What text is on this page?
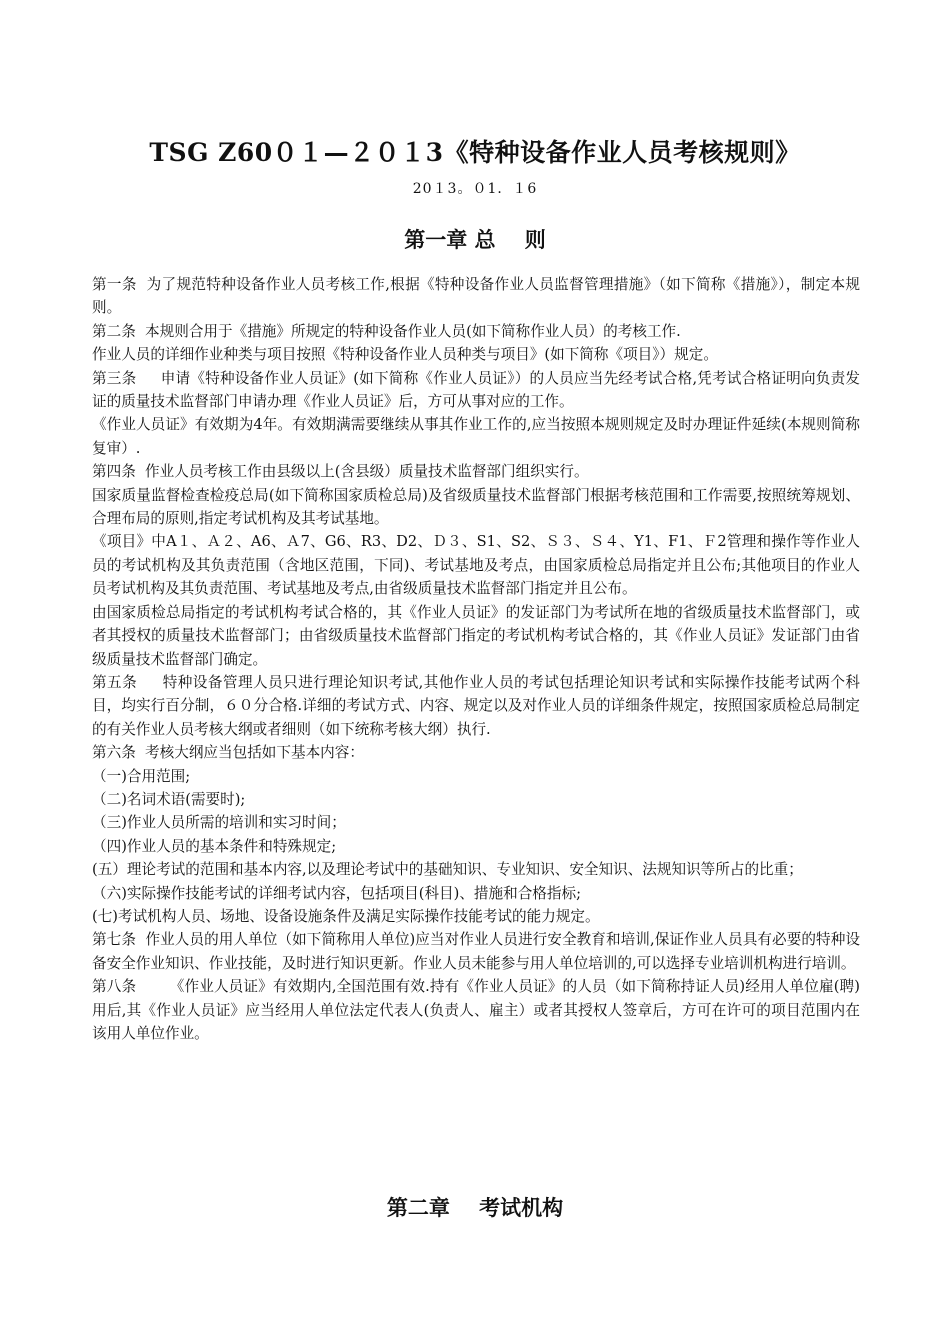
TSG Z60０１—２０１3《特种设备作业人员考核规则》
20１3。０1．１6
第一章 总    则

第一条  为了规范特种设备作业人员考核工作,根据《特种设备作业人员监督管理措施》（如下简称《措施》），制定本规则。

第二条  本规则合用于《措施》所规定的特种设备作业人员(如下简称作业人员）的考核工作.

作业人员的详细作业种类与项目按照《特种设备作业人员种类与项目》(如下简称《项目》）规定。

第三条     申请《特种设备作业人员证》(如下简称《作业人员证》）的人员应当先经考试合格,凭考试合格证明向负责发证的质量技术监督部门申请办理《作业人员证》后，方可从事对应的工作。

《作业人员证》有效期为4年。有效期满需要继续从事其作业工作的,应当按照本规则规定及时办理证件延续(本规则简称复审）.

第四条  作业人员考核工作由县级以上(含县级）质量技术监督部门组织实行。

国家质量监督检查检疫总局(如下简称国家质检总局)及省级质量技术监督部门根据考核范围和工作需要,按照统筹规划、合理布局的原则,指定考试机构及其考试基地。

《项目》中A１、Ａ２、A6、Ａ7、G6、R3、D2、Ｄ３、S1、S2、Ｓ３、Ｓ４、Y1、F1、Ｆ2管理和操作等作业人员的考试机构及其负责范围（含地区范围，下同)、考试基地及考点，由国家质检总局指定并且公布;其他项目的作业人员考试机构及其负责范围、考试基地及考点,由省级质量技术监督部门指定并且公布。

由国家质检总局指定的考试机构考试合格的，其《作业人员证》的发证部门为考试所在地的省级质量技术监督部门，或者其授权的质量技术监督部门；由省级质量技术监督部门指定的考试机构考试合格的，其《作业人员证》发证部门由省级质量技术监督部门确定。

第五条     特种设备管理人员只进行理论知识考试,其他作业人员的考试包括理论知识考试和实际操作技能考试两个科目，均实行百分制，６０分合格.详细的考试方式、内容、规定以及对作业人员的详细条件规定，按照国家质检总局制定的有关作业人员考核大纲或者细则（如下统称考核大纲）执行.

第六条  考核大纲应当包括如下基本内容：

（一)合用范围;

（二)名词术语(需要时);

（三)作业人员所需的培训和实习时间；

（四)作业人员的基本条件和特殊规定;

(五）理论考试的范围和基本内容,以及理论考试中的基础知识、专业知识、安全知识、法规知识等所占的比重；

（六)实际操作技能考试的详细考试内容，包括项目(科目)、措施和合格指标;

(七)考试机构人员、场地、设备设施条件及满足实际操作技能考试的能力规定。

第七条  作业人员的用人单位（如下简称用人单位)应当对作业人员进行安全教育和培训,保证作业人员具有必要的特种设备安全作业知识、作业技能，及时进行知识更新。作业人员未能参与用人单位培训的,可以选择专业培训机构进行培训。

第八条       《作业人员证》有效期内,全国范围有效.持有《作业人员证》的人员（如下简称持证人员)经用人单位雇(聘)用后,其《作业人员证》应当经用人单位法定代表人(负责人、雇主）或者其授权人签章后，方可在许可的项目范围内在该用人单位作业。

第二章    考试机构
